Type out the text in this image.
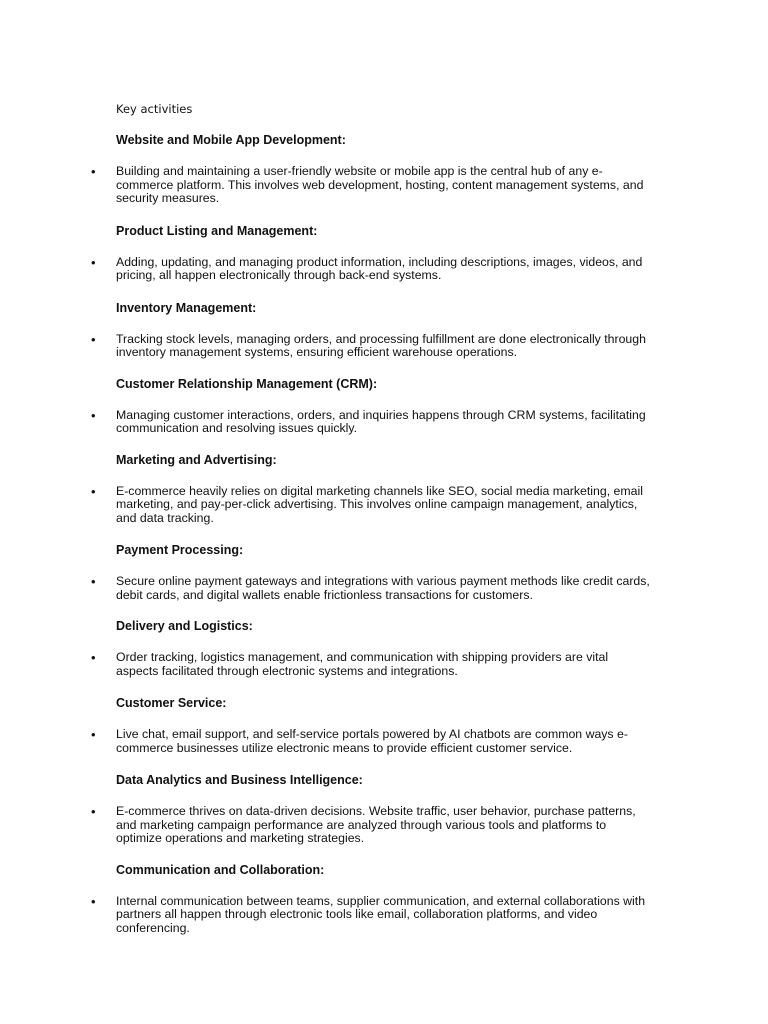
Key activities
Website and Mobile App Development:
• Building and maintaining a user-friendly website or mobile app is the central hub of any e-
commerce platform. This involves web development, hosting, content management systems, and
security measures.
Product Listing and Management:
• Adding, updating, and managing product information, including descriptions, images, videos, and
pricing, all happen electronically through back-end systems.
Inventory Management:
• Tracking stock levels, managing orders, and processing fulfillment are done electronically through
inventory management systems, ensuring efficient warehouse operations.
Customer Relationship Management (CRM):
• Managing customer interactions, orders, and inquiries happens through CRM systems, facilitating
communication and resolving issues quickly.
Marketing and Advertising:
• E-commerce heavily relies on digital marketing channels like SEO, social media marketing, email
marketing, and pay-per-click advertising. This involves online campaign management, analytics,
and data tracking.
Payment Processing:
• Secure online payment gateways and integrations with various payment methods like credit cards,
debit cards, and digital wallets enable frictionless transactions for customers.
Delivery and Logistics:
• Order tracking, logistics management, and communication with shipping providers are vital
aspects facilitated through electronic systems and integrations.
Customer Service:
• Live chat, email support, and self-service portals powered by AI chatbots are common ways e-
commerce businesses utilize electronic means to provide efficient customer service.
Data Analytics and Business Intelligence:
• E-commerce thrives on data-driven decisions. Website traffic, user behavior, purchase patterns,
and marketing campaign performance are analyzed through various tools and platforms to
optimize operations and marketing strategies.
Communication and Collaboration:
• Internal communication between teams, supplier communication, and external collaborations with
partners all happen through electronic tools like email, collaboration platforms, and video
conferencing.
